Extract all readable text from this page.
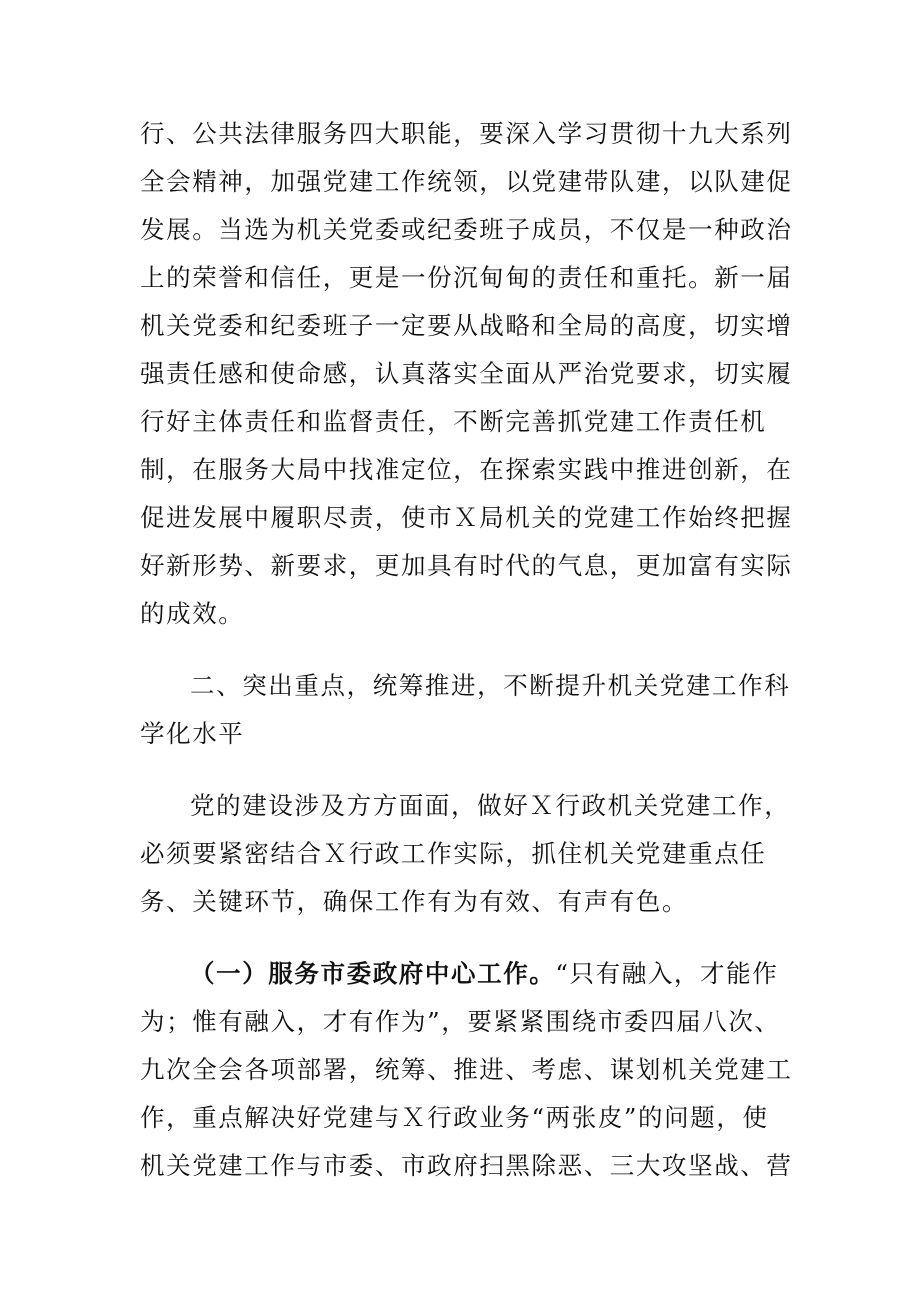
行、公共法律服务四大职能，要深入学习贯彻十九大系列
全会精神，加强党建工作统领，以党建带队建，以队建促
发展。当选为机关党委或纪委班子成员，不仅是一种政治
上的荣誉和信任，更是一份沉甸甸的责任和重托。新一届
机关党委和纪委班子一定要从战略和全局的高度，切实增
强责任感和使命感，认真落实全面从严治党要求，切实履
行好主体责任和监督责任，不断完善抓党建工作责任机
制，在服务大局中找准定位，在探索实践中推进创新，在
促进发展中履职尽责，使市Ｘ局机关的党建工作始终把握
好新形势、新要求，更加具有时代的气息，更加富有实际
的成效。
二、突出重点，统筹推进，不断提升机关党建工作科
学化水平
党的建设涉及方方面面，做好Ｘ行政机关党建工作，
必须要紧密结合Ｘ行政工作实际，抓住机关党建重点任
务、关键环节，确保工作有为有效、有声有色。
（一）服务市委政府中心工作。“只有融入，才能作
为；惟有融入，才有作为”，要紧紧围绕市委四届八次、
九次全会各项部署，统筹、推进、考虑、谋划机关党建工
作，重点解决好党建与Ｘ行政业务“两张皮”的问题，使
机关党建工作与市委、市政府扫黑除恶、三大攻坚战、营
